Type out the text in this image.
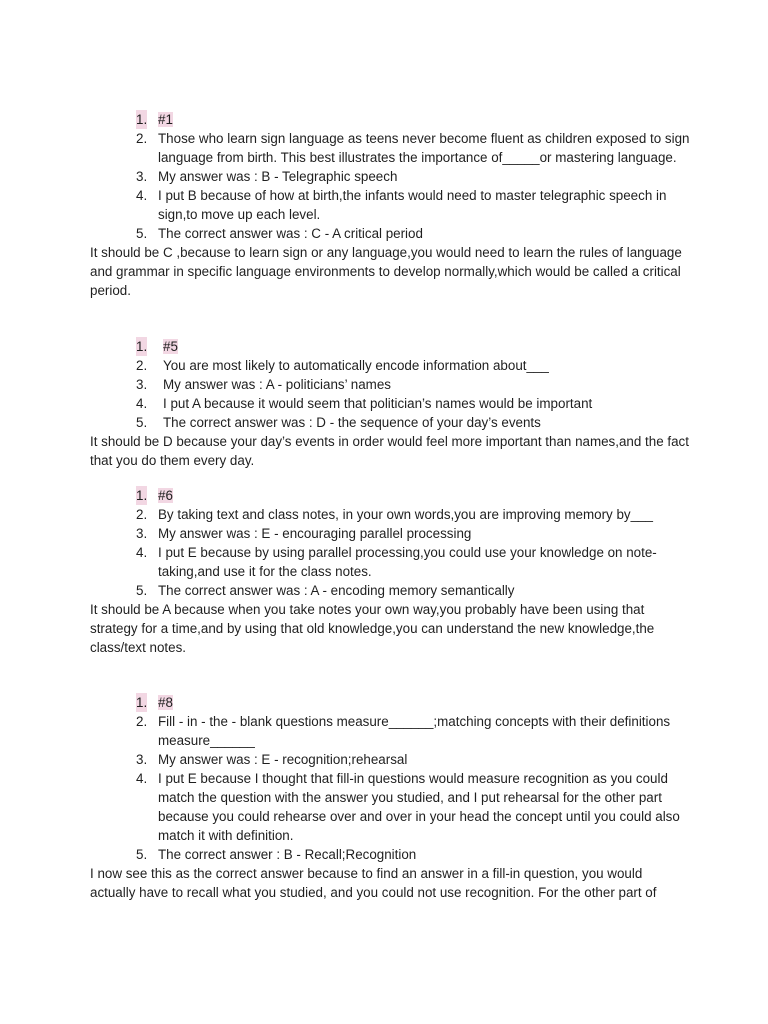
1. #1
2. Those who learn sign language as teens never become fluent as children exposed to sign language from birth. This best illustrates the importance of_____or mastering language.
3. My answer was : B - Telegraphic speech
4. I put B because of how at birth,the infants would need to master telegraphic speech in sign,to move up each level.
5. The correct answer was : C - A critical period

It should be C ,because to learn sign or any language,you would need to learn the rules of language and grammar in specific language environments to develop normally,which would be called a critical period.

1. #5
2. You are most likely to automatically encode information about___
3. My answer was : A - politicians’ names
4. I put A because it would seem that politician’s names would be important
5. The correct answer was : D - the sequence of your day’s events

It should be D because your day’s events in order would feel more important than names,and the fact that you do them every day.

1. #6
2. By taking text and class notes, in your own words,you are improving memory by___
3. My answer was : E - encouraging parallel processing
4. I put E because by using parallel processing,you could use your knowledge on note-taking,and use it for the class notes.
5. The correct answer was : A - encoding memory semantically

It should be A because when you take notes your own way,you probably have been using that strategy for a time,and by using that old knowledge,you can understand the new knowledge,the class/text notes.

1. #8
2. Fill - in - the - blank questions measure______;matching concepts with their definitions measure______
3. My answer was : E - recognition;rehearsal
4. I put E because I thought that fill-in questions would measure recognition as you could match the question with the answer you studied, and I put rehearsal for the other part because you could rehearse over and over in your head the concept until you could also match it with definition.
5. The correct answer : B - Recall;Recognition

I now see this as the correct answer because to find an answer in a fill-in question, you would actually have to recall what you studied, and you could not use recognition. For the other part of
